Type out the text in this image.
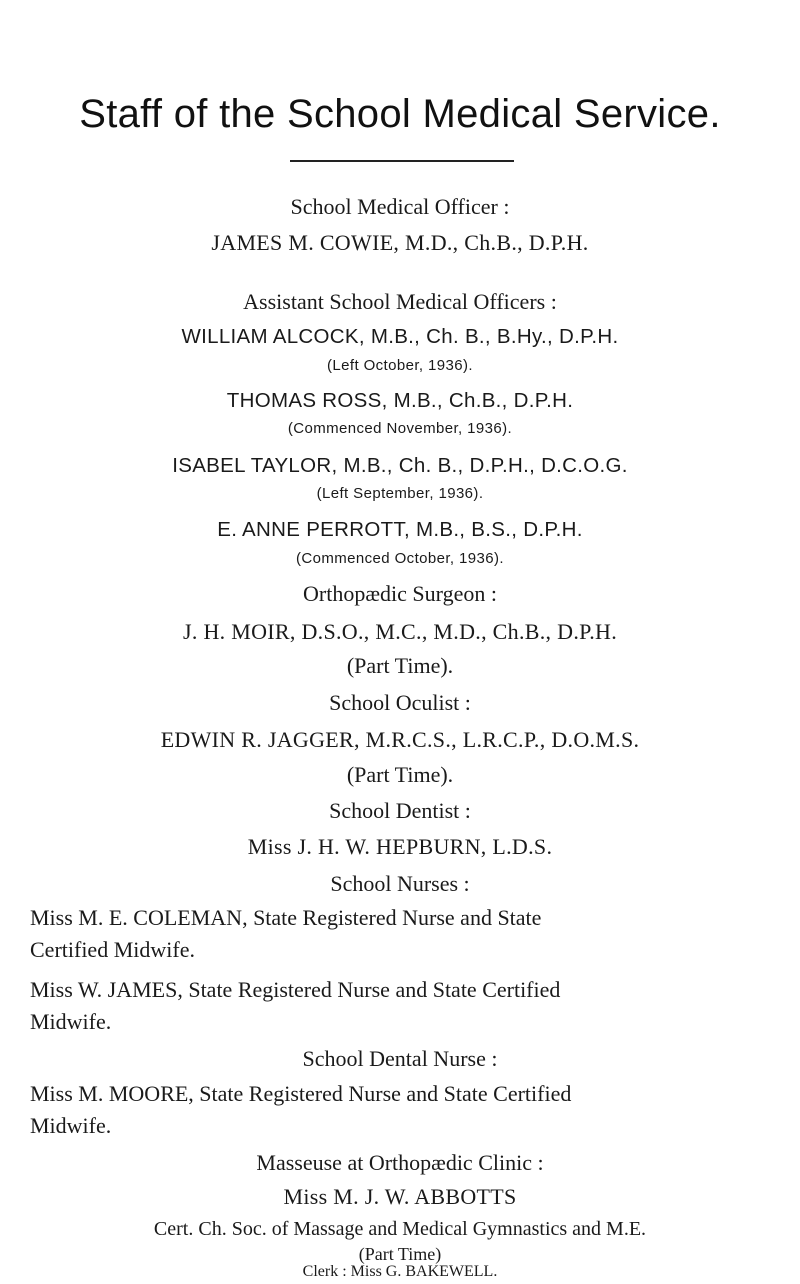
Staff of the School Medical Service.
School Medical Officer :
JAMES M. COWIE, M.D., Ch.B., D.P.H.
Assistant School Medical Officers :
WILLIAM ALCOCK, M.B., Ch. B., B.Hy., D.P.H.
(Left October, 1936).
THOMAS ROSS, M.B., Ch.B., D.P.H.
(Commenced November, 1936).
ISABEL TAYLOR, M.B., Ch. B., D.P.H., D.C.O.G.
(Left September, 1936).
E. ANNE PERROTT, M.B., B.S., D.P.H.
(Commenced October, 1936).
Orthopædic Surgeon :
J. H. MOIR, D.S.O., M.C., M.D., Ch.B., D.P.H.
(Part Time).
School Oculist :
EDWIN R. JAGGER, M.R.C.S., L.R.C.P., D.O.M.S.
(Part Time).
School Dentist :
Miss J. H. W. HEPBURN, L.D.S.
School Nurses :
Miss M. E. COLEMAN, State Registered Nurse and State
Certified Midwife.
Miss W. JAMES, State Registered Nurse and State Certified
Midwife.
School Dental Nurse :
Miss M. MOORE, State Registered Nurse and State Certified
Midwife.
Masseuse at Orthopædic Clinic :
Miss M. J. W. ABBOTTS
Cert. Ch. Soc. of Massage and Medical Gymnastics and M.E.
(Part Time)
Clerk : Miss G. BAKEWELL.
